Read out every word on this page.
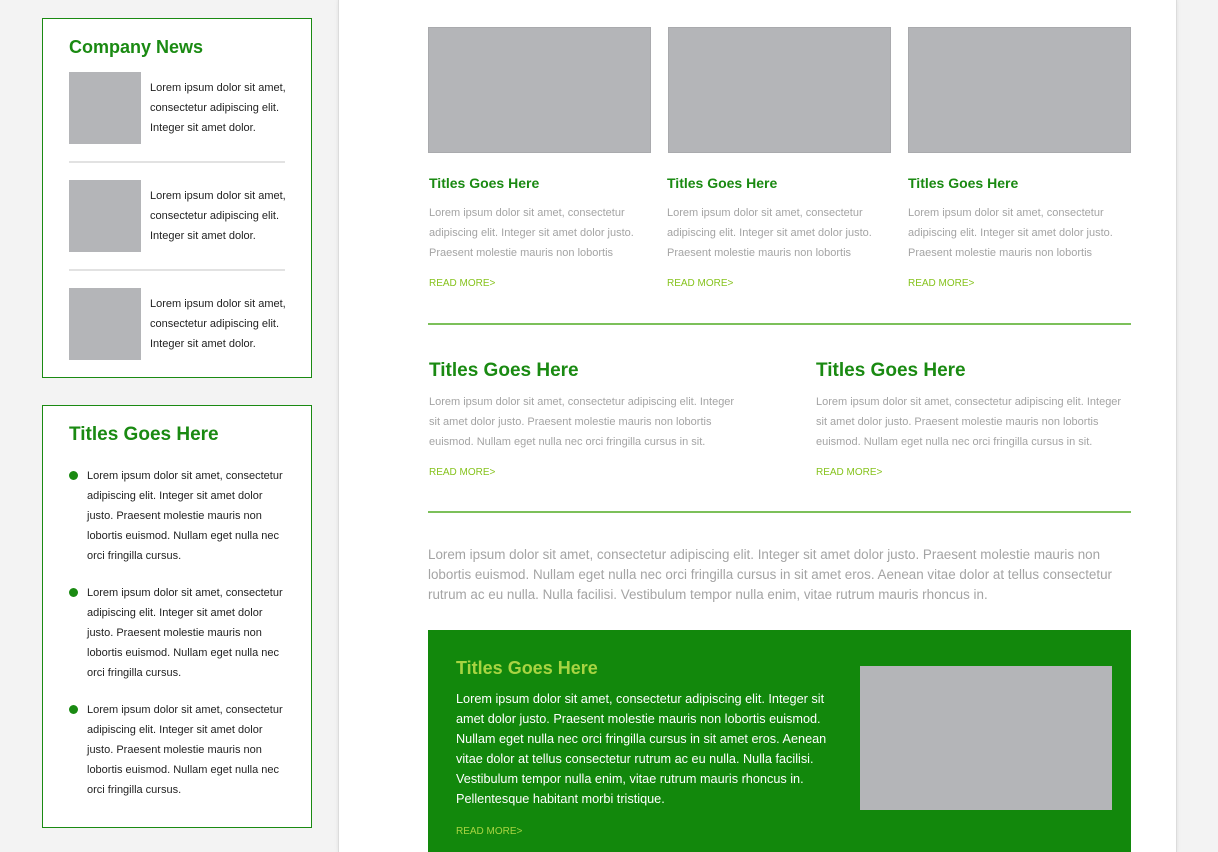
Company News
Lorem ipsum dolor sit amet, consectetur adipiscing elit. Integer sit amet dolor.
Lorem ipsum dolor sit amet, consectetur adipiscing elit. Integer sit amet dolor.
Lorem ipsum dolor sit amet, consectetur adipiscing elit. Integer sit amet dolor.
Titles Goes Here
Lorem ipsum dolor sit amet, consectetur adipiscing elit. Integer sit amet dolor justo. Praesent molestie mauris non lobortis euismod. Nullam eget nulla nec orci fringilla cursus.
Lorem ipsum dolor sit amet, consectetur adipiscing elit. Integer sit amet dolor justo. Praesent molestie mauris non lobortis euismod. Nullam eget nulla nec orci fringilla cursus.
Lorem ipsum dolor sit amet, consectetur adipiscing elit. Integer sit amet dolor justo. Praesent molestie mauris non lobortis euismod. Nullam eget nulla nec orci fringilla cursus.
Titles Goes Here	Titles Goes Here	Titles Goes Here
Lorem ipsum dolor sit amet, consectetur adipiscing elit. Integer sit amet dolor justo. Praesent molestie mauris non lobortis
Lorem ipsum dolor sit amet, consectetur adipiscing elit. Integer sit amet dolor justo. Praesent molestie mauris non lobortis
Lorem ipsum dolor sit amet, consectetur adipiscing elit. Integer sit amet dolor justo. Praesent molestie mauris non lobortis
READ MORE>	READ MORE>	READ MORE>
Titles Goes Here	Titles Goes Here
Lorem ipsum dolor sit amet, consectetur adipiscing elit. Integer sit amet dolor justo. Praesent molestie mauris non lobortis euismod. Nullam eget nulla nec orci fringilla cursus in sit.
Lorem ipsum dolor sit amet, consectetur adipiscing elit. Integer sit amet dolor justo. Praesent molestie mauris non lobortis euismod. Nullam eget nulla nec orci fringilla cursus in sit.
READ MORE>	READ MORE>
Lorem ipsum dolor sit amet, consectetur adipiscing elit. Integer sit amet dolor justo. Praesent molestie mauris non lobortis euismod. Nullam eget nulla nec orci fringilla cursus in sit amet eros. Aenean vitae dolor at tellus consectetur rutrum ac eu nulla. Nulla facilisi. Vestibulum tempor nulla enim, vitae rutrum mauris rhoncus in.
Titles Goes Here
Lorem ipsum dolor sit amet, consectetur adipiscing elit. Integer sit amet dolor justo. Praesent molestie mauris non lobortis euismod. Nullam eget nulla nec orci fringilla cursus in sit amet eros. Aenean vitae dolor at tellus consectetur rutrum ac eu nulla. Nulla facilisi. Vestibulum tempor nulla enim, vitae rutrum mauris rhoncus in. Pellentesque habitant morbi tristique.
READ MORE>
